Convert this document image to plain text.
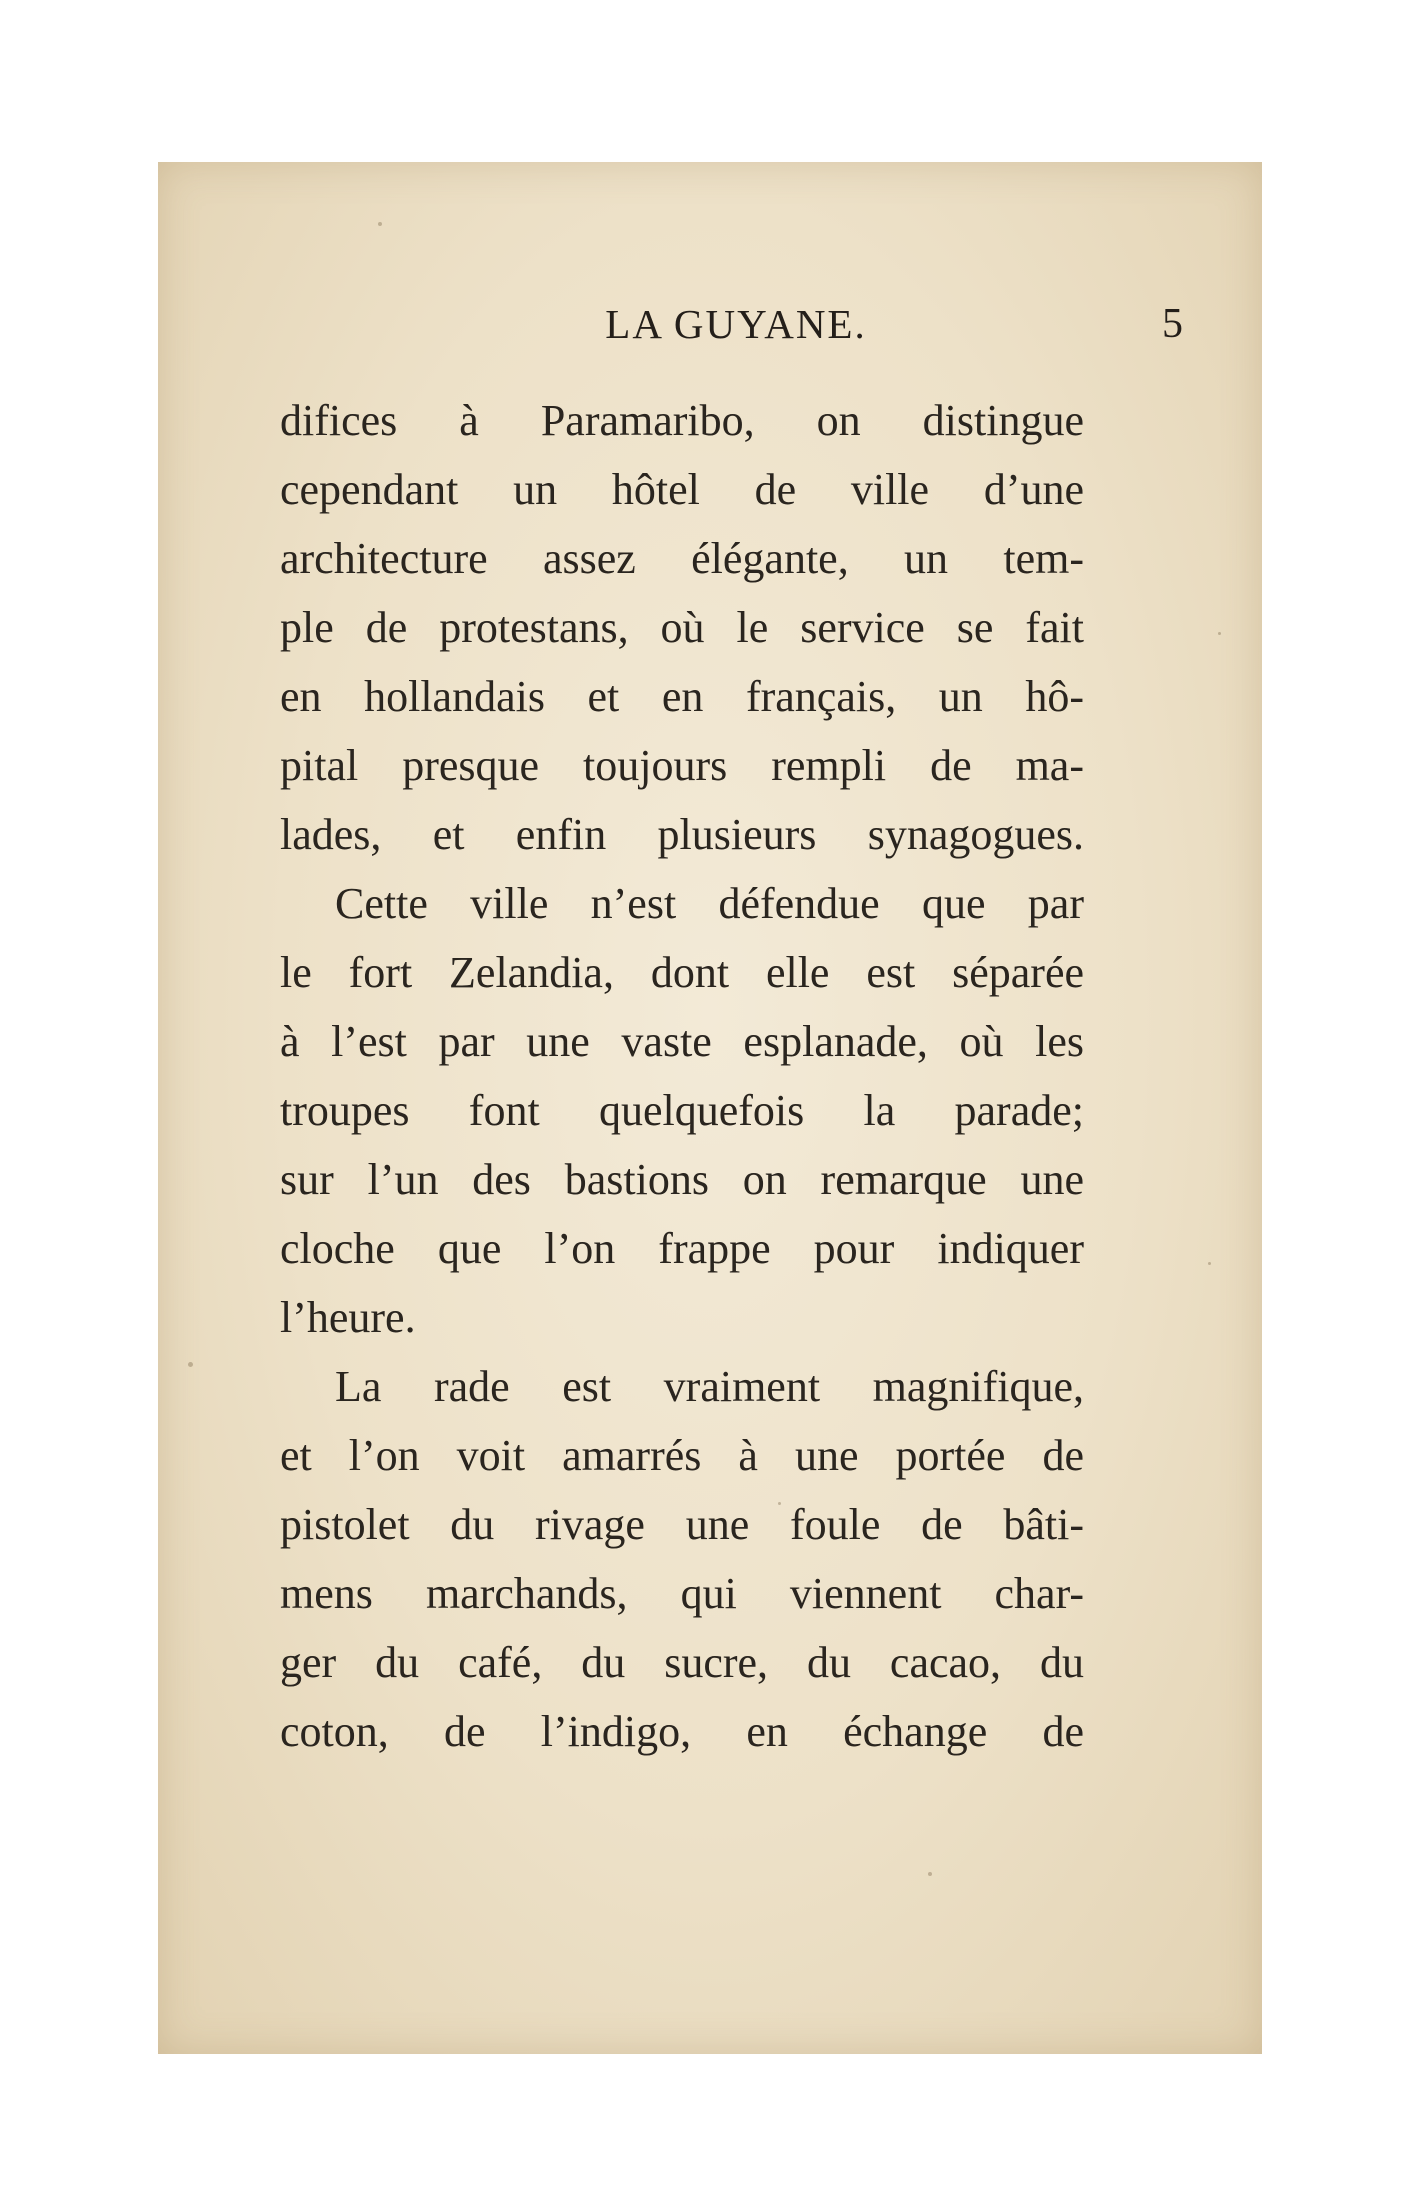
LA GUYANE.	5
difices à Paramaribo, on distingue
cependant un hôtel de ville d’une
architecture assez élégante, un tem-
ple de protestans, où le service se fait
en hollandais et en français, un hô-
pital presque toujours rempli de ma-
lades, et enfin plusieurs synagogues.
Cette ville n’est défendue que par
le fort Zelandia, dont elle est séparée
à l’est par une vaste esplanade, où les
troupes font quelquefois la parade;
sur l’un des bastions on remarque une
cloche que l’on frappe pour indiquer
l’heure.
La rade est vraiment magnifique,
et l’on voit amarrés à une portée de
pistolet du rivage une foule de bâti-
mens marchands, qui viennent char-
ger du café, du sucre, du cacao, du
coton, de l’indigo, en échange de
